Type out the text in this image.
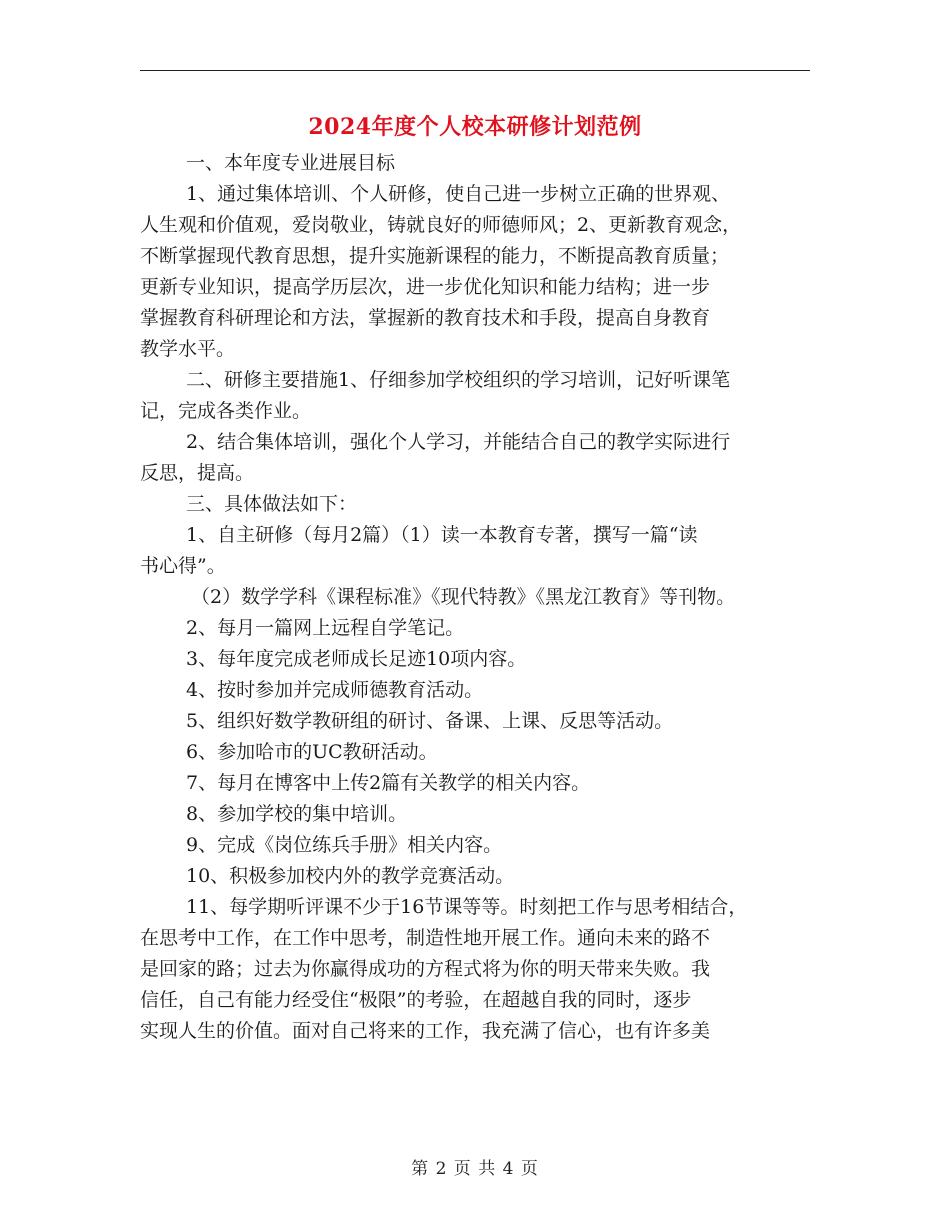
2024年度个人校本研修计划范例

一、本年度专业进展目标

1、通过集体培训、个人研修，使自己进一步树立正确的世界观、

人生观和价值观，爱岗敬业，铸就良好的师德师风；2、更新教育观念，

不断掌握现代教育思想，提升实施新课程的能力，不断提高教育质量；

更新专业知识，提高学历层次，进一步优化知识和能力结构；进一步

掌握教育科研理论和方法，掌握新的教育技术和手段，提高自身教育

教学水平。

二、研修主要措施1、仔细参加学校组织的学习培训，记好听课笔

记，完成各类作业。

2、结合集体培训，强化个人学习，并能结合自己的教学实际进行

反思，提高。

三、具体做法如下：

1、自主研修（每月2篇）（1）读一本教育专著，撰写一篇“读

书心得”。

（2）数学学科《课程标准》《现代特教》《黑龙江教育》等刊物。

2、每月一篇网上远程自学笔记。

3、每年度完成老师成长足迹10项内容。

4、按时参加并完成师德教育活动。

5、组织好数学教研组的研讨、备课、上课、反思等活动。

6、参加哈市的UC教研活动。

7、每月在博客中上传2篇有关教学的相关内容。

8、参加学校的集中培训。

9、完成《岗位练兵手册》相关内容。

10、积极参加校内外的教学竞赛活动。

11、每学期听评课不少于16节课等等。时刻把工作与思考相结合，

在思考中工作，在工作中思考，制造性地开展工作。通向未来的路不

是回家的路；过去为你赢得成功的方程式将为你的明天带来失败。我

信任，自己有能力经受住“极限”的考验，在超越自我的同时，逐步

实现人生的价值。面对自己将来的工作，我充满了信心，也有许多美

第 2 页 共 4 页
